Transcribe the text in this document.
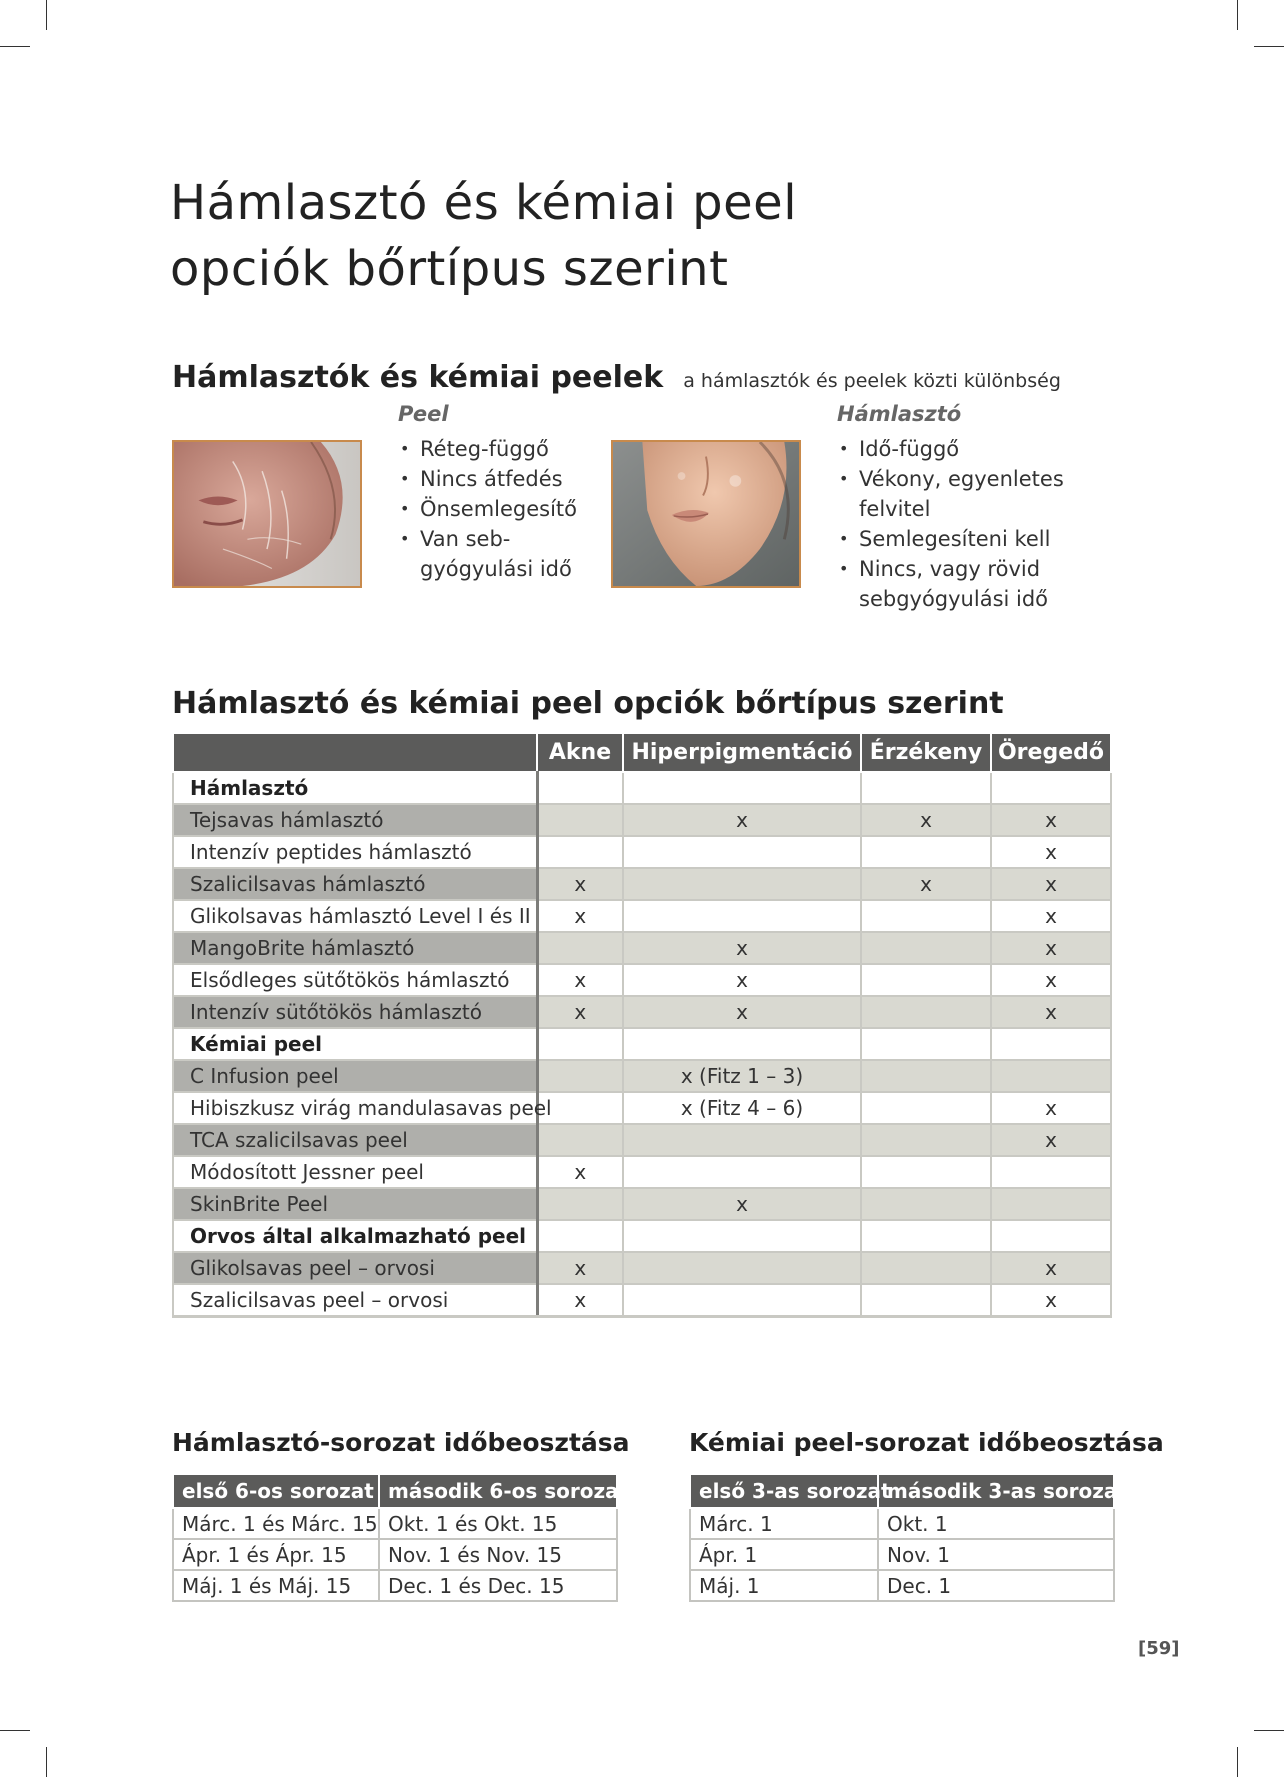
Hámlasztó és kémiai peel
opciók bőrtípus szerint
Hámlasztók és kémiai peelek a hámlasztók és peelek közti különbség
Peel
• Réteg-függő
• Nincs átfedés
• Önsemlegesítő
• Van seb-
gyógyulási idő
Hámlasztó
• Idő-függő
• Vékony, egyenletes felvitel
• Semlegesíteni kell
• Nincs, vagy rövid
sebgyógyulási idő
Hámlasztó és kémiai peel opciók bőrtípus szerint
	Akne	Hiperpigmentáció	Érzékeny	Öregedő
Hámlasztó				
Tejsavas hámlasztó		x	x	x
Intenzív peptides hámlasztó				x
Szalicilsavas hámlasztó	x		x	x
Glikolsavas hámlasztó Level I és II	x			x
MangoBrite hámlasztó		x		x
Elsődleges sütőtökös hámlasztó	x	x		x
Intenzív sütőtökös hámlasztó	x	x		x
Kémiai peel				
C Infusion peel		x (Fitz 1 – 3)		
Hibiszkusz virág mandulasavas peel		x (Fitz 4 – 6)		x
TCA szalicilsavas peel				x
Módosított Jessner peel	x			
SkinBrite Peel		x		
Orvos által alkalmazható peel				
Glikolsavas peel – orvosi	x			x
Szalicilsavas peel – orvosi	x			x
Hámlasztó-sorozat időbeosztása
első 6-os sorozat	második 6-os sorozat
Márc. 1 és Márc. 15	Okt. 1 és Okt. 15
Ápr. 1 és Ápr. 15	Nov. 1 és Nov. 15
Máj. 1 és Máj. 15	Dec. 1 és Dec. 15
Kémiai peel-sorozat időbeosztása
első 3-as sorozat	második 3-as sorozat
Márc. 1	Okt. 1
Ápr. 1	Nov. 1
Máj. 1	Dec. 1
[59]
